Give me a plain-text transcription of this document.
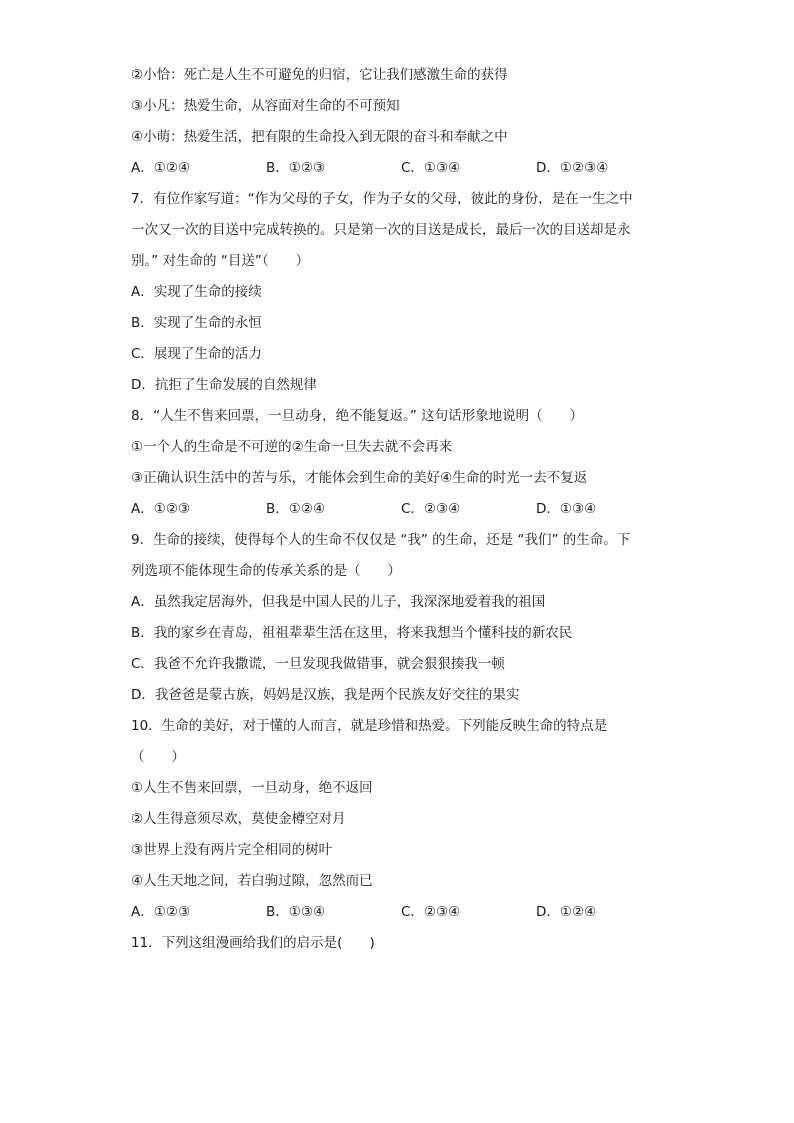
②小恰：死亡是人生不可避免的归宿，它让我们感激生命的获得
③小凡：热爱生命，从容面对生命的不可预知
④小萌：热爱生活，把有限的生命投入到无限的奋斗和奉献之中
A．①②④	B．①②③	C．①③④	D．①②③④
7．有位作家写道：“作为父母的子女，作为子女的父母，彼此的身份，是在一生之中
一次又一次的目送中完成转换的。只是第一次的目送是成长，最后一次的目送却是永
别。” 对生命的 “目送”（　　）
A．实现了生命的接续
B．实现了生命的永恒
C．展现了生命的活力
D．抗拒了生命发展的自然规律
8．“人生不售来回票，一旦动身，绝不能复返。” 这句话形象地说明（　　）
①一个人的生命是不可逆的②生命一旦失去就不会再来
③正确认识生活中的苦与乐，才能体会到生命的美好④生命的时光一去不复返
A．①②③	B．①②④	C．②③④	D．①③④
9．生命的接续，使得每个人的生命不仅仅是 “我” 的生命，还是 “我们” 的生命。下
列选项不能体现生命的传承关系的是（　　）
A．虽然我定居海外，但我是中国人民的儿子，我深深地爱着我的祖国
B．我的家乡在青岛，祖祖辈辈生活在这里，将来我想当个懂科技的新农民
C．我爸不允许我撒谎，一旦发现我做错事，就会狠狠揍我一顿
D．我爸爸是蒙古族，妈妈是汉族，我是两个民族友好交往的果实
10．生命的美好，对于懂的人而言，就是珍惜和热爱。下列能反映生命的特点是
（　　）
①人生不售来回票，一旦动身，绝不返回
②人生得意须尽欢，莫使金樽空对月
③世界上没有两片完全相同的树叶
④人生天地之间，若白驹过隙，忽然而已
A．①②③	B．①③④	C．②③④	D．①②④
11．下列这组漫画给我们的启示是(　　)
